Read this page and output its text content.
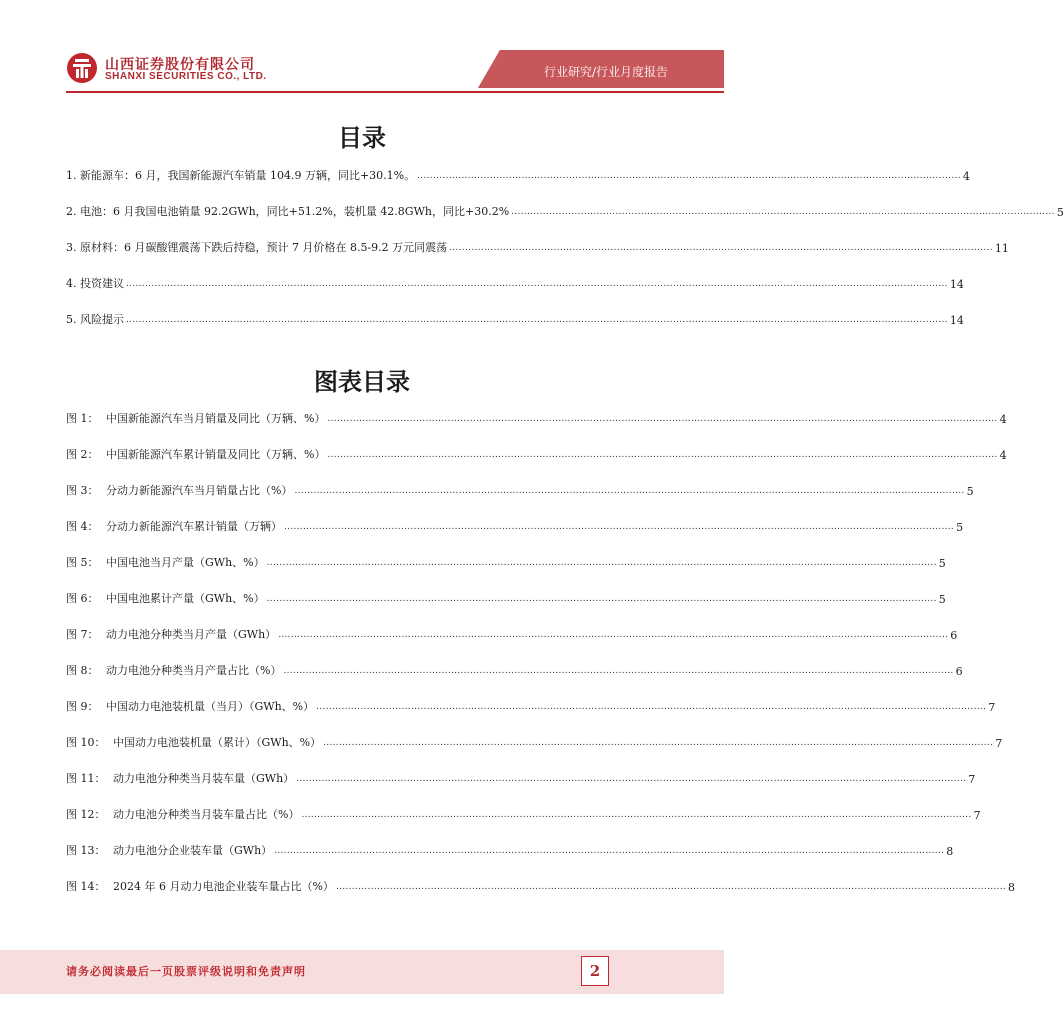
山西证券股份有限公司
SHANXI SECURITIES CO., LTD.	行业研究/行业月度报告
目录
1. 新能源车：6 月，我国新能源汽车销量 104.9 万辆，同比+30.1%。 ............................................................................................................................................................................ 4
2. 电池：6 月我国电池销量 92.2GWh，同比+51.2%，装机量 42.8GWh，同比+30.2% ............................................................................................................................................................................ 5
3. 原材料：6 月碳酸锂震荡下跌后持稳，预计 7 月价格在 8.5-9.2 万元同震荡 ............................................................................................................................................................................ 11
4. 投资建议 .................................................................................................................................................................................................................................................................... 14
5. 风险提示 .................................................................................................................................................................................................................................................................... 14
图表目录
图 1： 中国新能源汽车当月销量及同比（万辆、%） .................................................................................................................................................................................................................... 4
图 2： 中国新能源汽车累计销量及同比（万辆、%） .................................................................................................................................................................................................................... 4
图 3： 分动力新能源汽车当月销量占比（%） .................................................................................................................................................................................................................... 5
图 4： 分动力新能源汽车累计销量（万辆） .................................................................................................................................................................................................................... 5
图 5： 中国电池当月产量（GWh、%） .................................................................................................................................................................................................................... 5
图 6： 中国电池累计产量（GWh、%） .................................................................................................................................................................................................................... 5
图 7： 动力电池分种类当月产量（GWh） .................................................................................................................................................................................................................... 6
图 8： 动力电池分种类当月产量占比（%） .................................................................................................................................................................................................................... 6
图 9： 中国动力电池装机量（当月）（GWh、%） .................................................................................................................................................................................................................... 7
图 10： 中国动力电池装机量（累计）（GWh、%） .................................................................................................................................................................................................................... 7
图 11： 动力电池分种类当月装车量（GWh） .................................................................................................................................................................................................................... 7
图 12： 动力电池分种类当月装车量占比（%） .................................................................................................................................................................................................................... 7
图 13： 动力电池分企业装车量（GWh） .................................................................................................................................................................................................................... 8
图 14： 2024 年 6 月动力电池企业装车量占比（%） .................................................................................................................................................................................................................... 8
请务必阅读最后一页股票评级说明和免责声明	2
